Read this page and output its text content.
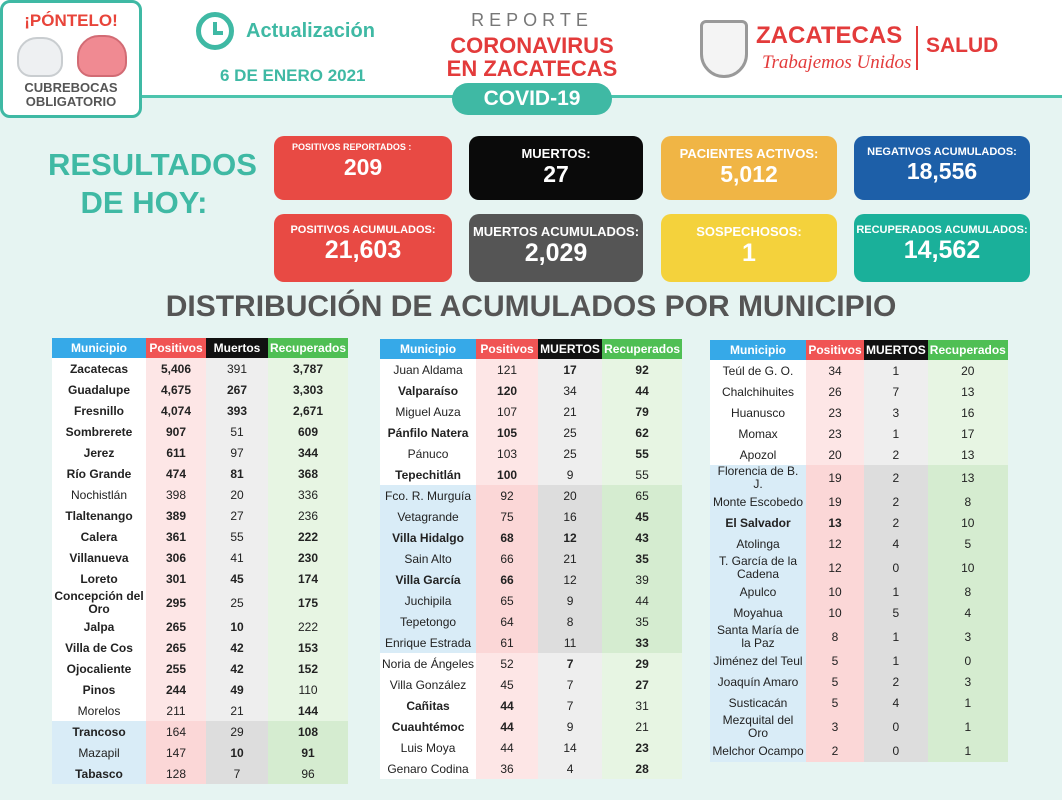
¡PÓNTELO!
CUBREBOCAS
OBLIGATORIO
Actualización
6 DE ENERO 2021
REPORTE
CORONAVIRUS
EN ZACATECAS
COVID-19
ZACATECAS
Trabajemos Unidos
SALUD
RESULTADOS
DE HOY:
POSITIVOS REPORTADOS :
209
MUERTOS:
27
PACIENTES ACTIVOS:
5,012
NEGATIVOS ACUMULADOS:
18,556
POSITIVOS ACUMULADOS:
21,603
MUERTOS ACUMULADOS:
2,029
SOSPECHOSOS:
1
RECUPERADOS ACUMULADOS:
14,562
DISTRIBUCIÓN DE ACUMULADOS POR MUNICIPIO
Municipio	Positivos	Muertos	Recuperados
Zacatecas	5,406	391	3,787
Guadalupe	4,675	267	3,303
Fresnillo	4,074	393	2,671
Sombrerete	907	51	609
Jerez	611	97	344
Río Grande	474	81	368
Nochistlán	398	20	336
Tlaltenango	389	27	236
Calera	361	55	222
Villanueva	306	41	230
Loreto	301	45	174
Concepción del Oro	295	25	175
Jalpa	265	10	222
Villa de Cos	265	42	153
Ojocaliente	255	42	152
Pinos	244	49	110
Morelos	211	21	144
Trancoso	164	29	108
Mazapil	147	10	91
Tabasco	128	7	96
Municipio	Positivos	MUERTOS	Recuperados
Juan Aldama	121	17	92
Valparaíso	120	34	44
Miguel Auza	107	21	79
Pánfilo Natera	105	25	62
Pánuco	103	25	55
Tepechitlán	100	9	55
Fco. R. Murguía	92	20	65
Vetagrande	75	16	45
Villa Hidalgo	68	12	43
Sain Alto	66	21	35
Villa García	66	12	39
Juchipila	65	9	44
Tepetongo	64	8	35
Enrique Estrada	61	11	33
Noria de Ángeles	52	7	29
Villa González	45	7	27
Cañitas	44	7	31
Cuauhtémoc	44	9	21
Luis Moya	44	14	23
Genaro Codina	36	4	28
Municipio	Positivos	MUERTOS	Recuperados
Teúl de G. O.	34	1	20
Chalchihuites	26	7	13
Huanusco	23	3	16
Momax	23	1	17
Apozol	20	2	13
Florencia de B. J.	19	2	13
Monte Escobedo	19	2	8
El Salvador	13	2	10
Atolinga	12	4	5
T. García de la Cadena	12	0	10
Apulco	10	1	8
Moyahua	10	5	4
Santa María de la Paz	8	1	3
Jiménez del Teul	5	1	0
Joaquín Amaro	5	2	3
Susticacán	5	4	1
Mezquital del Oro	3	0	1
Melchor Ocampo	2	0	1
